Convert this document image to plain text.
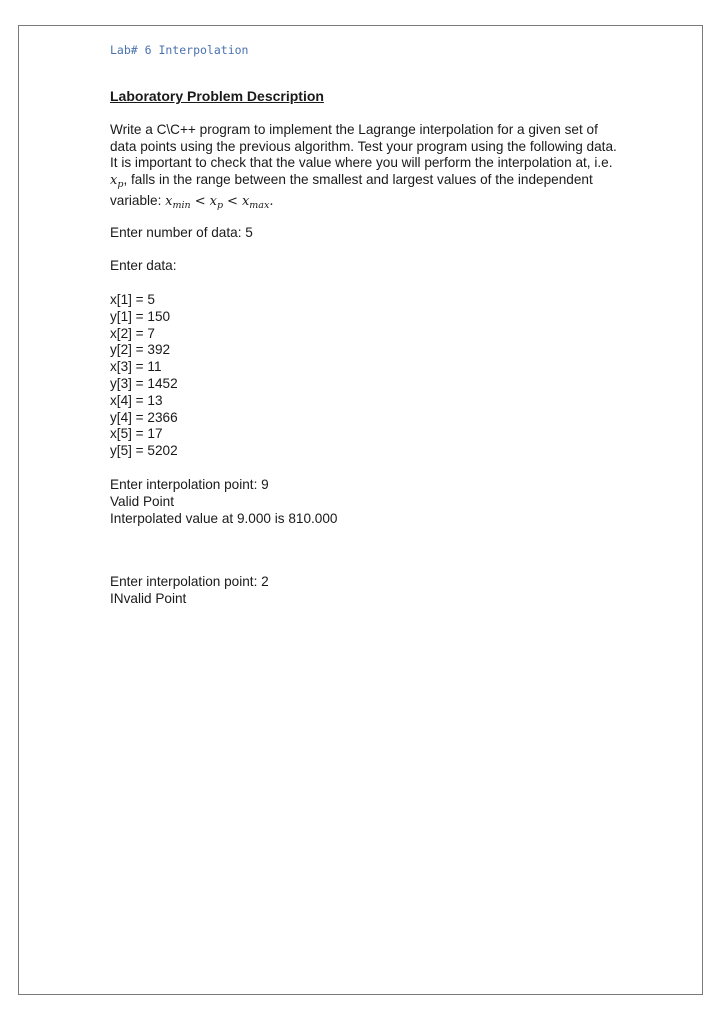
Lab# 6 Interpolation
Laboratory Problem Description
Write a C\C++ program to implement the Lagrange interpolation for a given set of
data points using the previous algorithm. Test your program using the following data.
It is important to check that the value where you will perform the interpolation at, i.e.
$x_p$, falls in the range between the smallest and largest values of the independent
variable: $x_{min} < x_p < x_{max}$.
Enter number of data: 5
Enter data:
x[1] = 5
y[1] = 150
x[2] = 7
y[2] = 392
x[3] = 11
y[3] = 1452
x[4] = 13
y[4] = 2366
x[5] = 17
y[5] = 5202
Enter interpolation point: 9
Valid Point
Interpolated value at 9.000 is 810.000
Enter interpolation point: 2
INvalid Point
